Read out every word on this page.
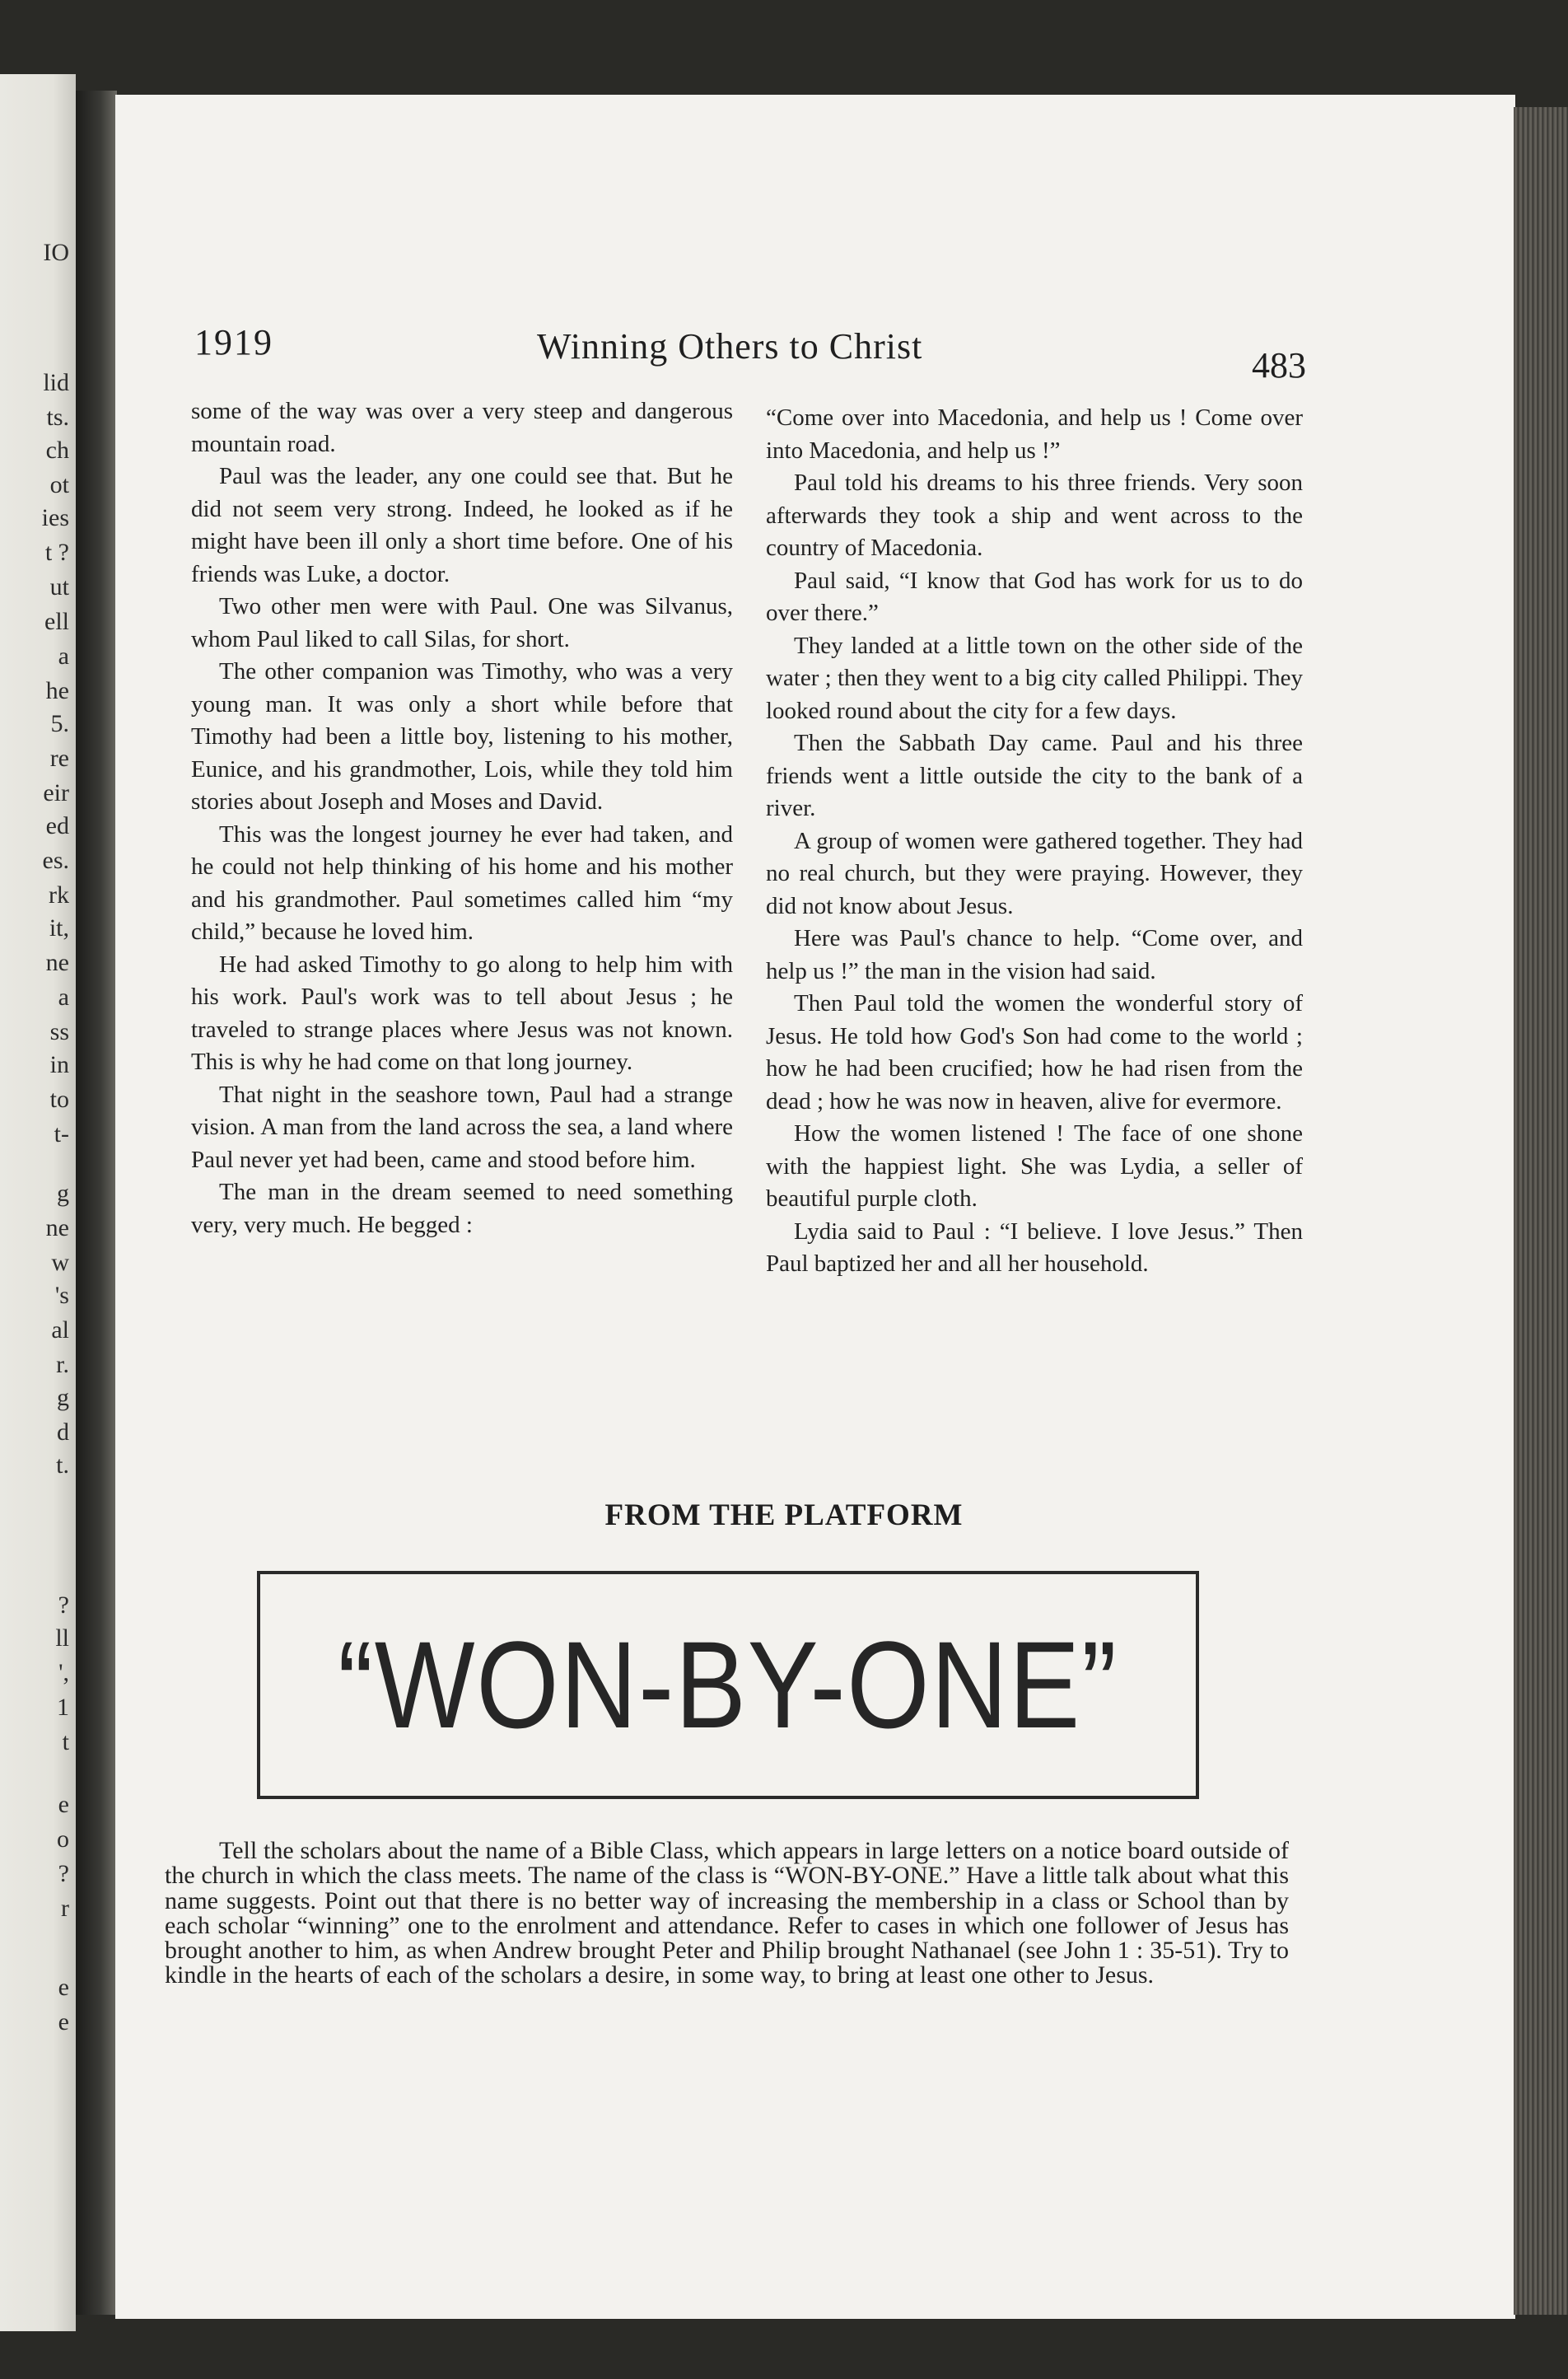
IO
lid
ts.
ch
ot
ies
t ?
ut
ell
a
he
5.
re
eir
ed
es.
rk
it,
ne
a
ss
in
to
t-
g
ne
w
's
al
r.
g
d
t.
?
ll
',
1
t
e
o
?
r
e
e
1919	Winning Others to Christ	483

some of the way was over a very steep and dangerous mountain road.

Paul was the leader, any one could see that. But he did not seem very strong. Indeed, he looked as if he might have been ill only a short time before. One of his friends was Luke, a doctor.

Two other men were with Paul. One was Silvanus, whom Paul liked to call Silas, for short.

The other companion was Timothy, who was a very young man. It was only a short while before that Timothy had been a little boy, listening to his mother, Eunice, and his grandmother, Lois, while they told him stories about Joseph and Moses and David.

This was the longest journey he ever had taken, and he could not help thinking of his home and his mother and his grandmother. Paul sometimes called him “my child,” because he loved him.

He had asked Timothy to go along to help him with his work. Paul's work was to tell about Jesus ; he traveled to strange places where Jesus was not known. This is why he had come on that long journey.

That night in the seashore town, Paul had a strange vision. A man from the land across the sea, a land where Paul never yet had been, came and stood before him.

The man in the dream seemed to need something very, very much. He begged :

“Come over into Macedonia, and help us ! Come over into Macedonia, and help us !”

Paul told his dreams to his three friends. Very soon afterwards they took a ship and went across to the country of Macedonia.

Paul said, “I know that God has work for us to do over there.”

They landed at a little town on the other side of the water ; then they went to a big city called Philippi. They looked round about the city for a few days.

Then the Sabbath Day came. Paul and his three friends went a little outside the city to the bank of a river.

A group of women were gathered together. They had no real church, but they were praying. However, they did not know about Jesus.

Here was Paul's chance to help. “Come over, and help us !” the man in the vision had said.

Then Paul told the women the wonderful story of Jesus. He told how God's Son had come to the world ; how he had been crucified; how he had risen from the dead ; how he was now in heaven, alive for evermore.

How the women listened ! The face of one shone with the happiest light. She was Lydia, a seller of beautiful purple cloth.

Lydia said to Paul : “I believe. I love Jesus.” Then Paul baptized her and all her household.

FROM THE PLATFORM
“WON-BY-ONE”

Tell the scholars about the name of a Bible Class, which appears in large letters on a notice board outside of the church in which the class meets. The name of the class is “WON-BY-ONE.” Have a little talk about what this name suggests. Point out that there is no better way of increasing the membership in a class or School than by each scholar “winning” one to the enrolment and attendance. Refer to cases in which one follower of Jesus has brought another to him, as when Andrew brought Peter and Philip brought Nathanael (see John 1 : 35-51). Try to kindle in the hearts of each of the scholars a desire, in some way, to bring at least one other to Jesus.
